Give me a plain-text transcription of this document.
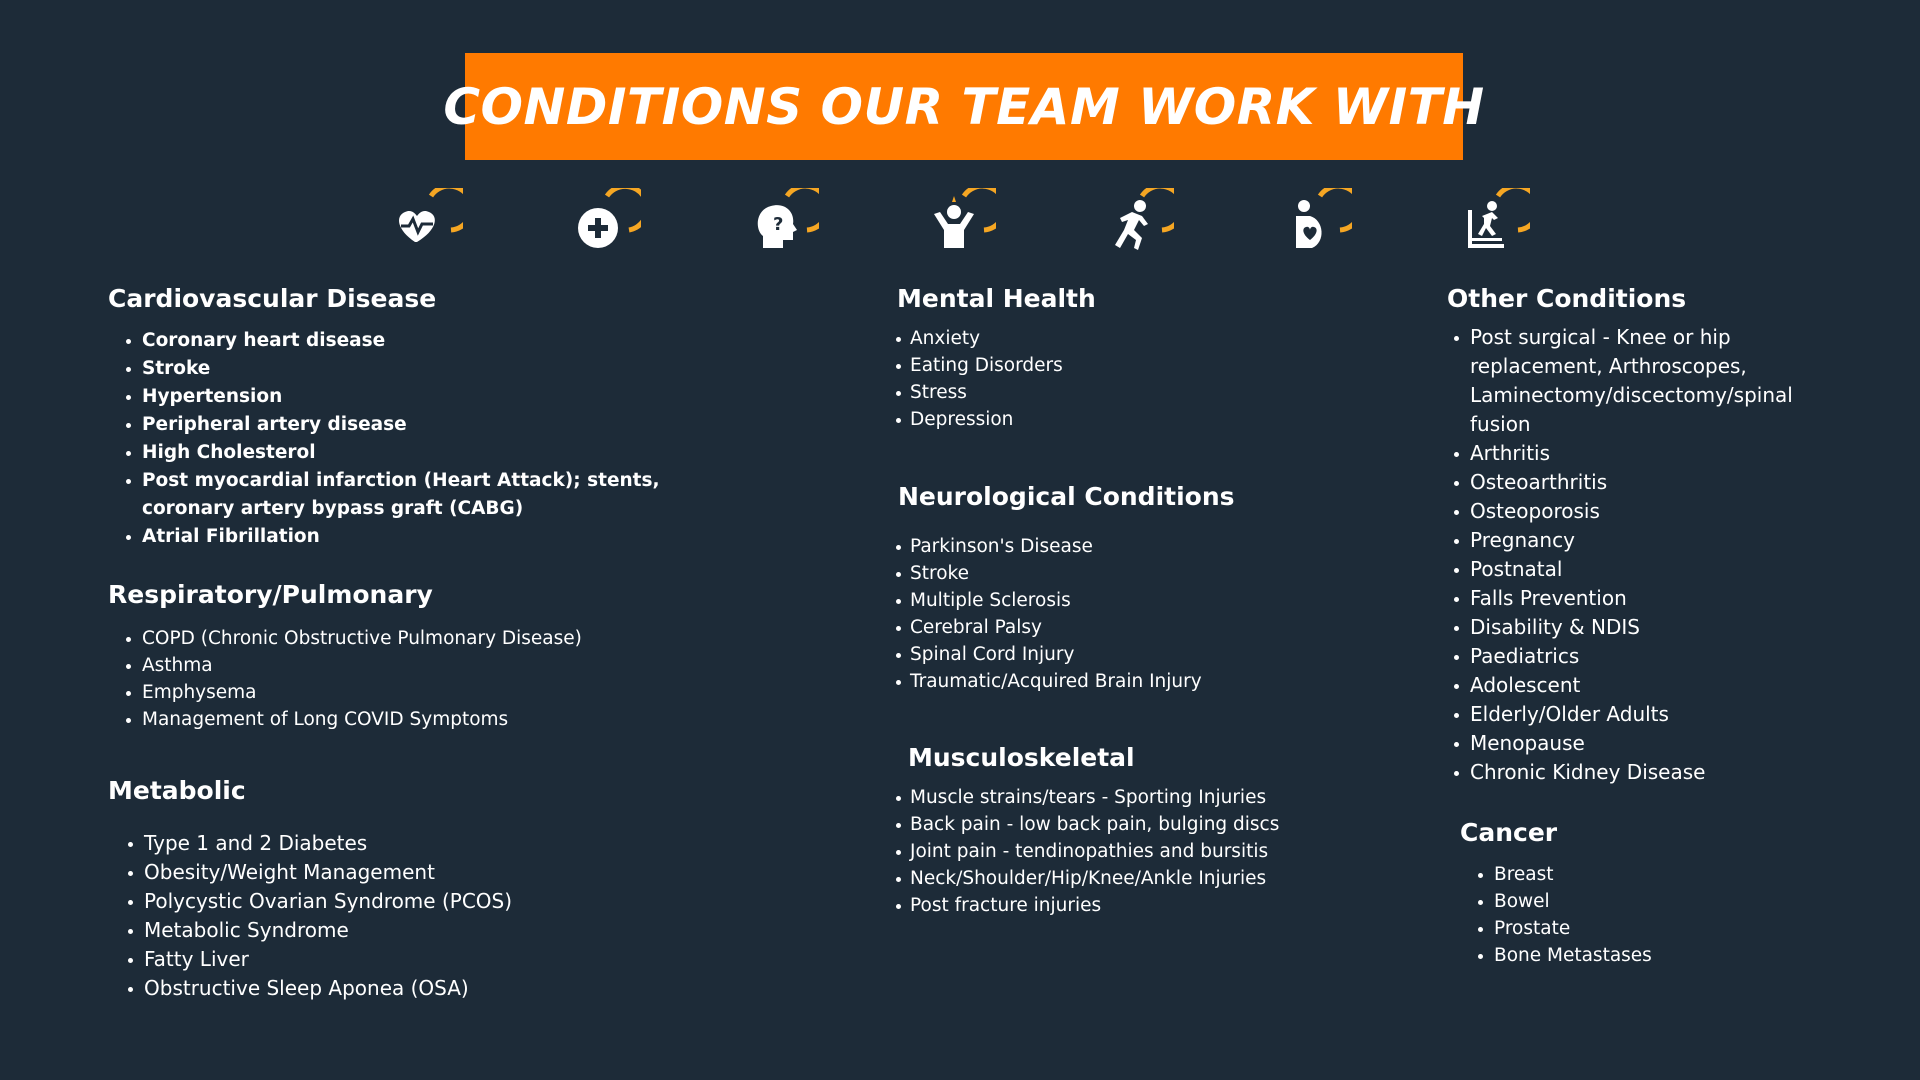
CONDITIONS OUR TEAM WORK WITH
?
Cardiovascular Disease
Coronary heart disease
Stroke
Hypertension
Peripheral artery disease
High Cholesterol
Post myocardial infarction (Heart Attack); stents, coronary artery bypass graft (CABG)
Atrial Fibrillation
Respiratory/Pulmonary
COPD (Chronic Obstructive Pulmonary Disease)
Asthma
Emphysema
Management of Long COVID Symptoms
Metabolic
Type 1 and 2 Diabetes
Obesity/Weight Management
Polycystic Ovarian Syndrome (PCOS)
Metabolic Syndrome
Fatty Liver
Obstructive Sleep Aponea (OSA)
Mental Health
Anxiety
Eating Disorders
Stress
Depression
Neurological Conditions
Parkinson's Disease
Stroke
Multiple Sclerosis
Cerebral Palsy
Spinal Cord Injury
Traumatic/Acquired Brain Injury
Musculoskeletal
Muscle strains/tears - Sporting Injuries
Back pain - low back pain, bulging discs
Joint pain - tendinopathies and bursitis
Neck/Shoulder/Hip/Knee/Ankle Injuries
Post fracture injuries
Other Conditions
Post surgical - Knee or hip replacement, Arthroscopes, Laminectomy/discectomy/spinal fusion
Arthritis
Osteoarthritis
Osteoporosis
Pregnancy
Postnatal
Falls Prevention
Disability & NDIS
Paediatrics
Adolescent
Elderly/Older Adults
Menopause
Chronic Kidney Disease
Cancer
Breast
Bowel
Prostate
Bone Metastases
